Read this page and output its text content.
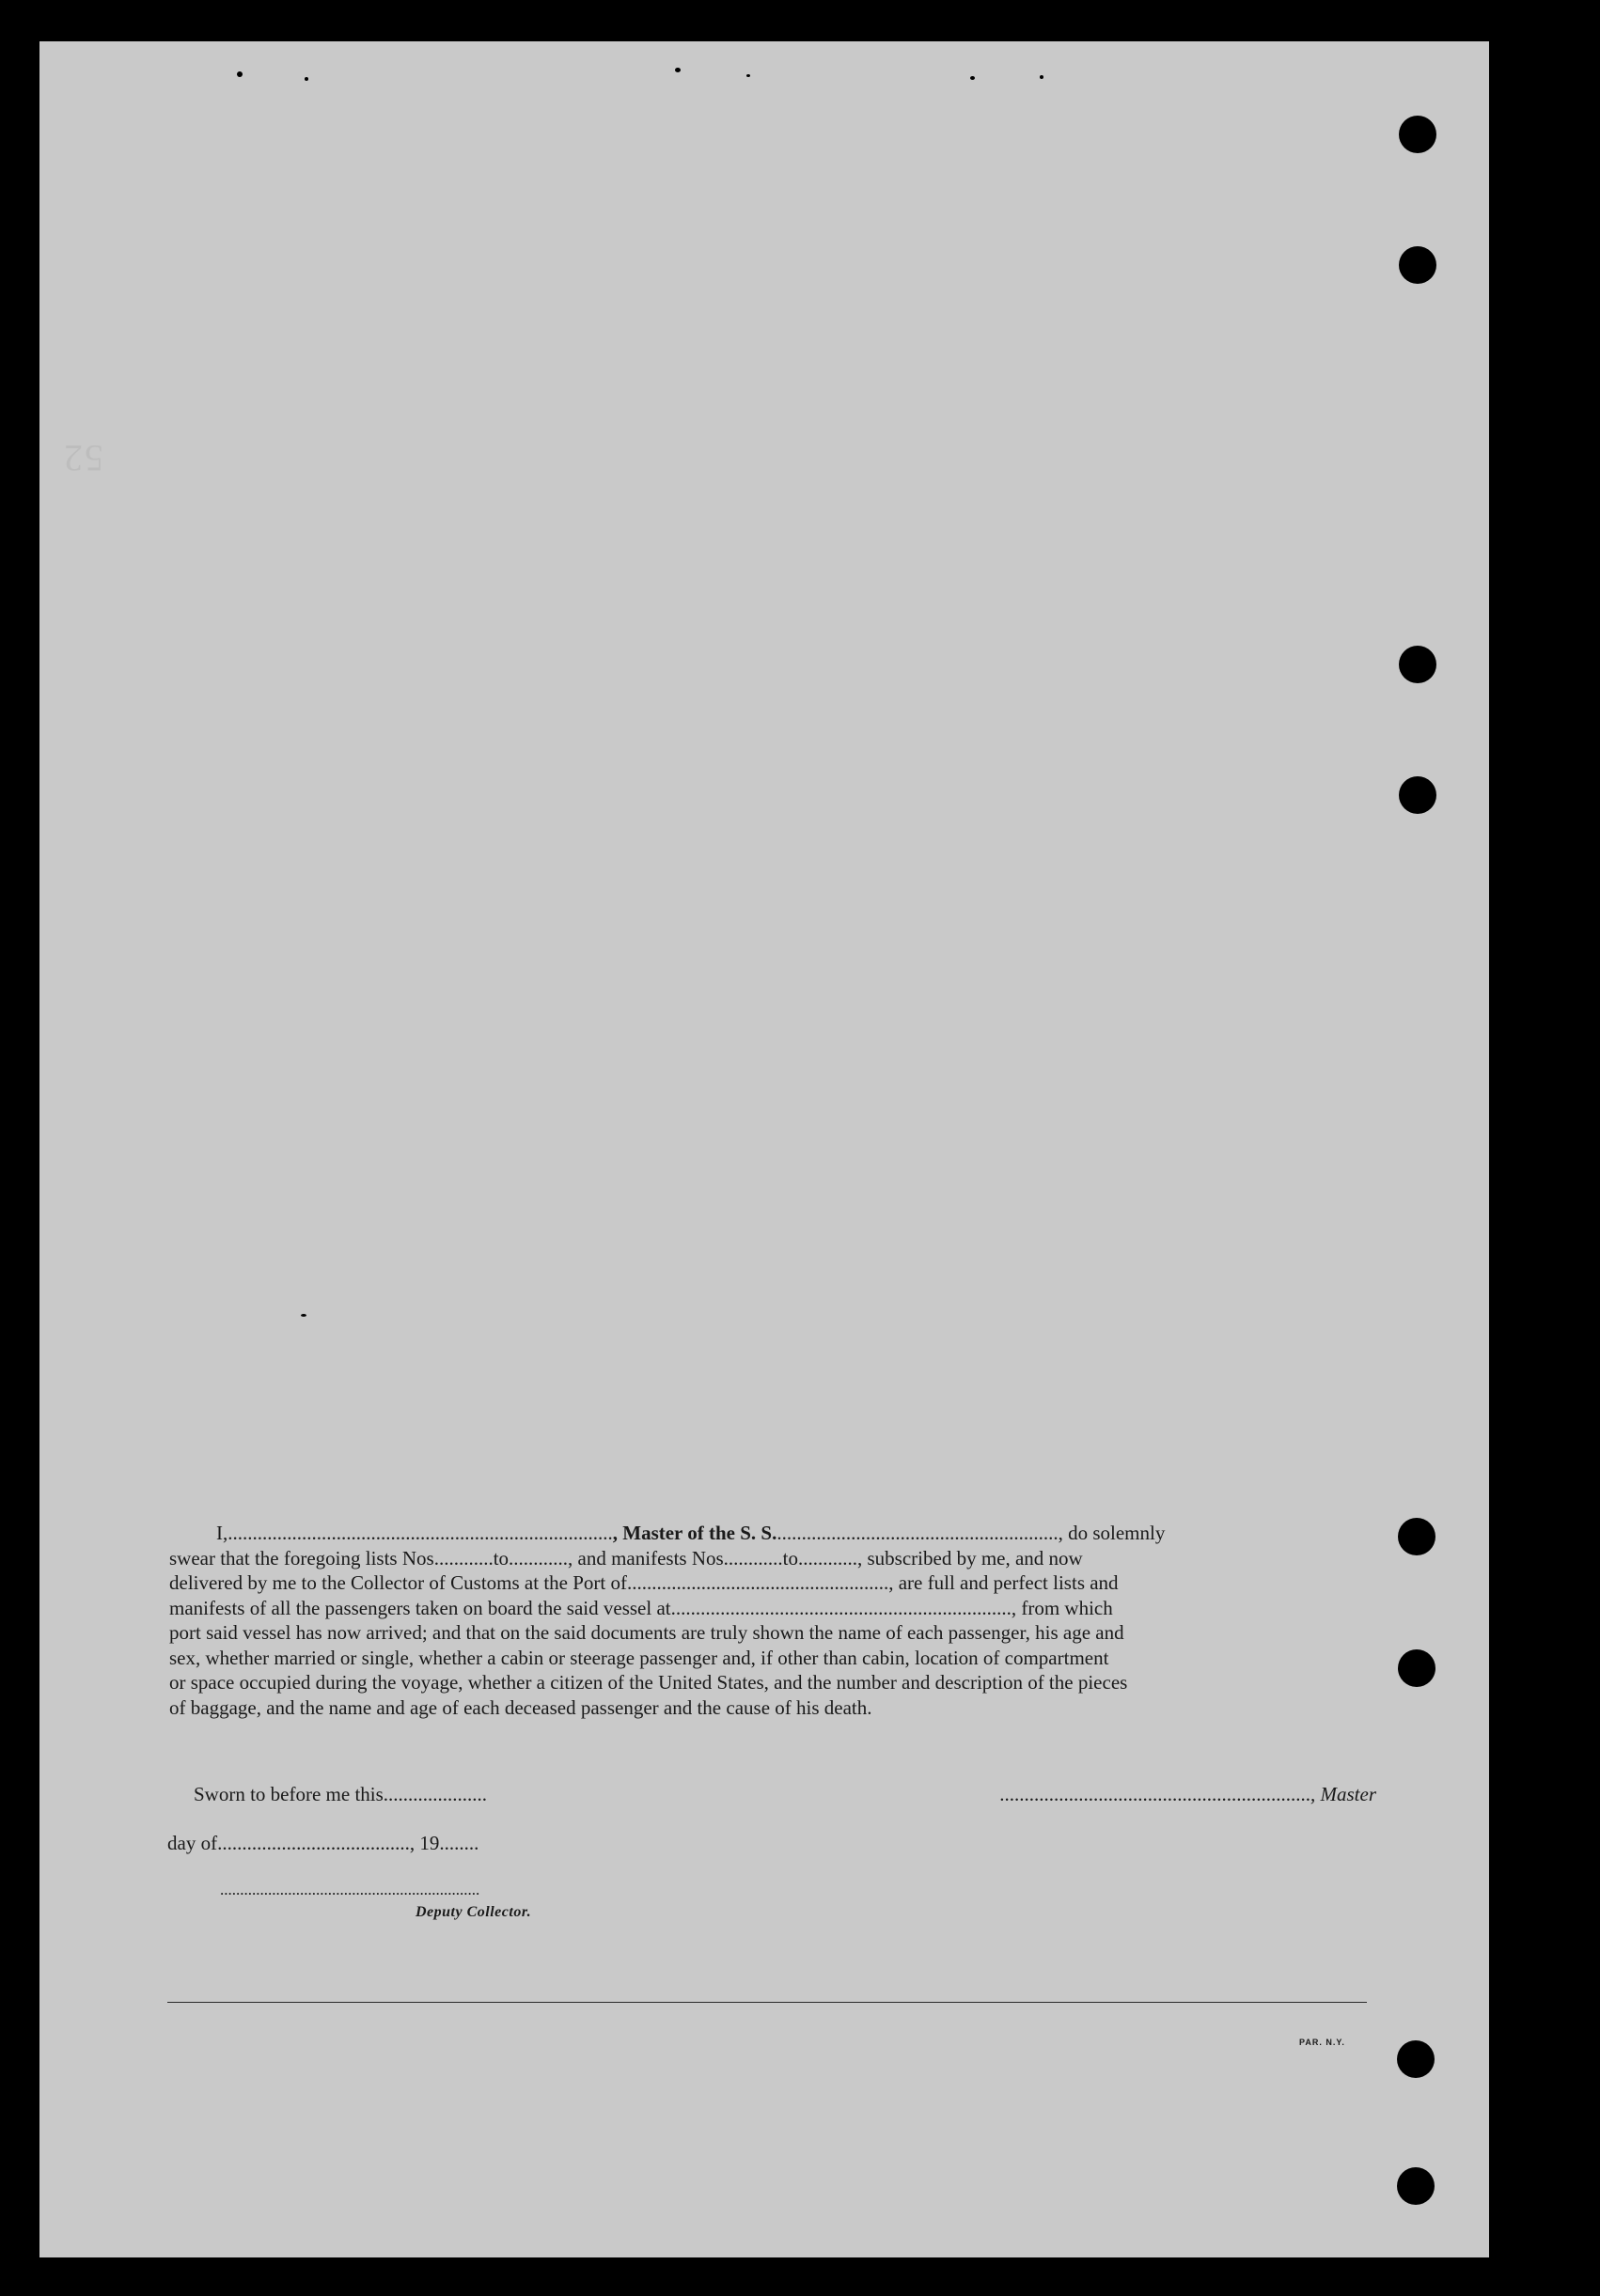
52
I,.............................................................................., Master of the S. S.........................................................., do solemnly
swear that the foregoing lists Nos............to............, and manifests Nos............to............, subscribed by me, and now
delivered by me to the Collector of Customs at the Port of....................................................., are full and perfect lists and
manifests of all the passengers taken on board the said vessel at....................................................................., from which
port said vessel has now arrived; and that on the said documents are truly shown the name of each passenger, his age and
sex, whether married or single, whether a cabin or steerage passenger and, if other than cabin, location of compartment
or space occupied during the voyage, whether a citizen of the United States, and the number and description of the pieces
of baggage, and the name and age of each deceased passenger and the cause of his death.
Sworn to before me this.....................	..............................................................., Master
day of......................................., 19........
.................................................................
Deputy Collector.
PAR. N.Y.
